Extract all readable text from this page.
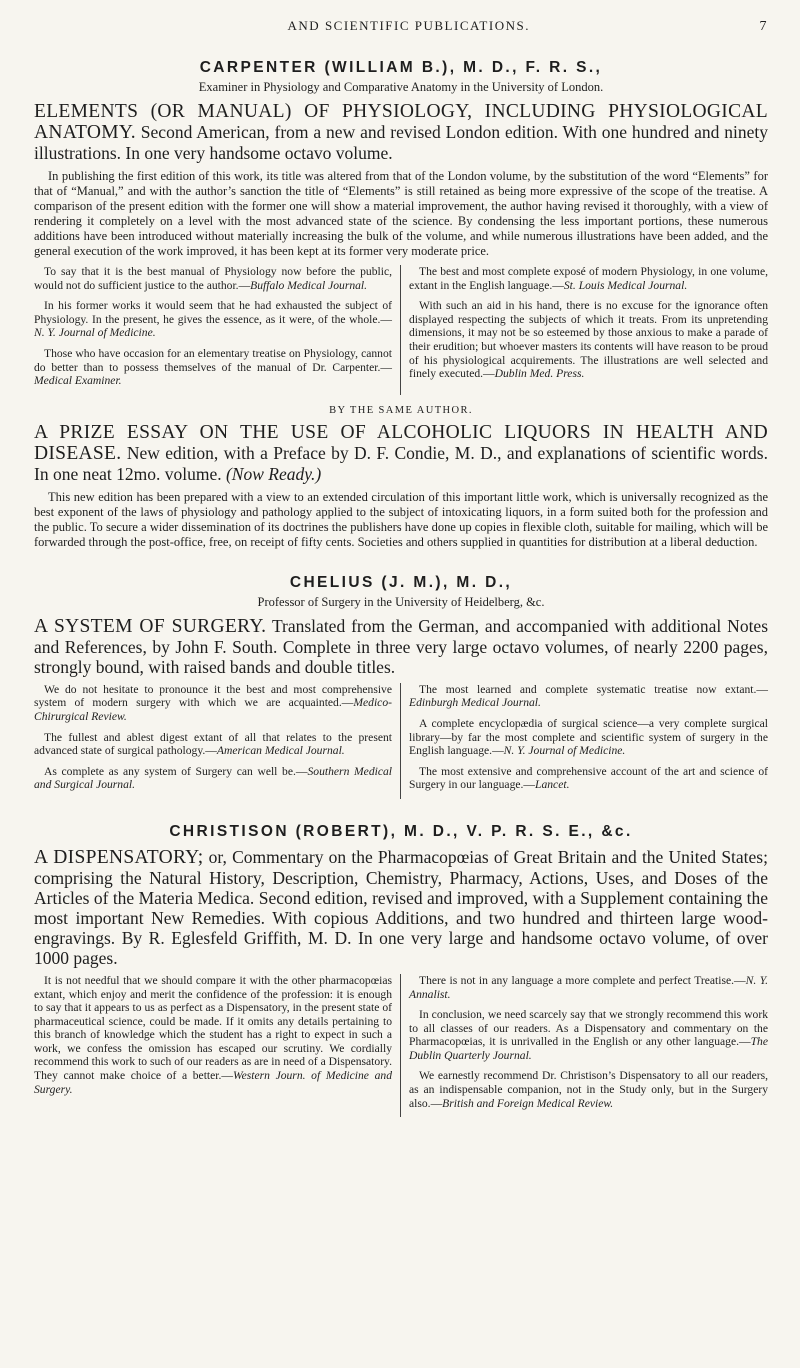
AND SCIENTIFIC PUBLICATIONS.	7
CARPENTER (WILLIAM B.), M. D., F. R. S.,
Examiner in Physiology and Comparative Anatomy in the University of London.
ELEMENTS (OR MANUAL) OF PHYSIOLOGY, INCLUDING PHYSIOLOGICAL ANATOMY. Second American, from a new and revised London edition. With one hundred and ninety illustrations. In one very handsome octavo volume.

In publishing the first edition of this work, its title was altered from that of the London volume, by the substitution of the word “Elements” for that of “Manual,” and with the author’s sanction the title of “Elements” is still retained as being more expressive of the scope of the treatise. A comparison of the present edition with the former one will show a material improvement, the author having revised it thoroughly, with a view of rendering it completely on a level with the most advanced state of the science. By condensing the less important portions, these numerous additions have been introduced without materially increasing the bulk of the volume, and while numerous illustrations have been added, and the general execution of the work improved, it has been kept at its former very moderate price.

To say that it is the best manual of Physiology now before the public, would not do sufficient justice to the author.—Buffalo Medical Journal.

In his former works it would seem that he had exhausted the subject of Physiology. In the present, he gives the essence, as it were, of the whole.—N. Y. Journal of Medicine.

Those who have occasion for an elementary treatise on Physiology, cannot do better than to possess themselves of the manual of Dr. Carpenter.—Medical Examiner.

The best and most complete exposé of modern Physiology, in one volume, extant in the English language.—St. Louis Medical Journal.

With such an aid in his hand, there is no excuse for the ignorance often displayed respecting the subjects of which it treats. From its unpretending dimensions, it may not be so esteemed by those anxious to make a parade of their erudition; but whoever masters its contents will have reason to be proud of his physiological acquirements. The illustrations are well selected and finely executed.—Dublin Med. Press.

BY THE SAME AUTHOR.
A PRIZE ESSAY ON THE USE OF ALCOHOLIC LIQUORS IN HEALTH AND DISEASE. New edition, with a Preface by D. F. Condie, M. D., and explanations of scientific words. In one neat 12mo. volume. (Now Ready.)

This new edition has been prepared with a view to an extended circulation of this important little work, which is universally recognized as the best exponent of the laws of physiology and pathology applied to the subject of intoxicating liquors, in a form suited both for the profession and the public. To secure a wider dissemination of its doctrines the publishers have done up copies in flexible cloth, suitable for mailing, which will be forwarded through the post-office, free, on receipt of fifty cents. Societies and others supplied in quantities for distribution at a liberal deduction.

CHELIUS (J. M.), M. D.,
Professor of Surgery in the University of Heidelberg, &c.
A SYSTEM OF SURGERY. Translated from the German, and accompanied with additional Notes and References, by John F. South. Complete in three very large octavo volumes, of nearly 2200 pages, strongly bound, with raised bands and double titles.

We do not hesitate to pronounce it the best and most comprehensive system of modern surgery with which we are acquainted.—Medico-Chirurgical Review.

The fullest and ablest digest extant of all that relates to the present advanced state of surgical pathology.—American Medical Journal.

As complete as any system of Surgery can well be.—Southern Medical and Surgical Journal.

The most learned and complete systematic treatise now extant.—Edinburgh Medical Journal.

A complete encyclopædia of surgical science—a very complete surgical library—by far the most complete and scientific system of surgery in the English language.—N. Y. Journal of Medicine.

The most extensive and comprehensive account of the art and science of Surgery in our language.—Lancet.

CHRISTISON (ROBERT), M. D., V. P. R. S. E., &c.
A DISPENSATORY; or, Commentary on the Pharmacopœias of Great Britain and the United States; comprising the Natural History, Description, Chemistry, Pharmacy, Actions, Uses, and Doses of the Articles of the Materia Medica. Second edition, revised and improved, with a Supplement containing the most important New Remedies. With copious Additions, and two hundred and thirteen large wood-engravings. By R. Eglesfeld Griffith, M. D. In one very large and handsome octavo volume, of over 1000 pages.

It is not needful that we should compare it with the other pharmacopœias extant, which enjoy and merit the confidence of the profession: it is enough to say that it appears to us as perfect as a Dispensatory, in the present state of pharmaceutical science, could be made. If it omits any details pertaining to this branch of knowledge which the student has a right to expect in such a work, we confess the omission has escaped our scrutiny. We cordially recommend this work to such of our readers as are in need of a Dispensatory. They cannot make choice of a better.—Western Journ. of Medicine and Surgery.

There is not in any language a more complete and perfect Treatise.—N. Y. Annalist.

In conclusion, we need scarcely say that we strongly recommend this work to all classes of our readers. As a Dispensatory and commentary on the Pharmacopœias, it is unrivalled in the English or any other language.—The Dublin Quarterly Journal.

We earnestly recommend Dr. Christison’s Dispensatory to all our readers, as an indispensable companion, not in the Study only, but in the Surgery also.—British and Foreign Medical Review.
